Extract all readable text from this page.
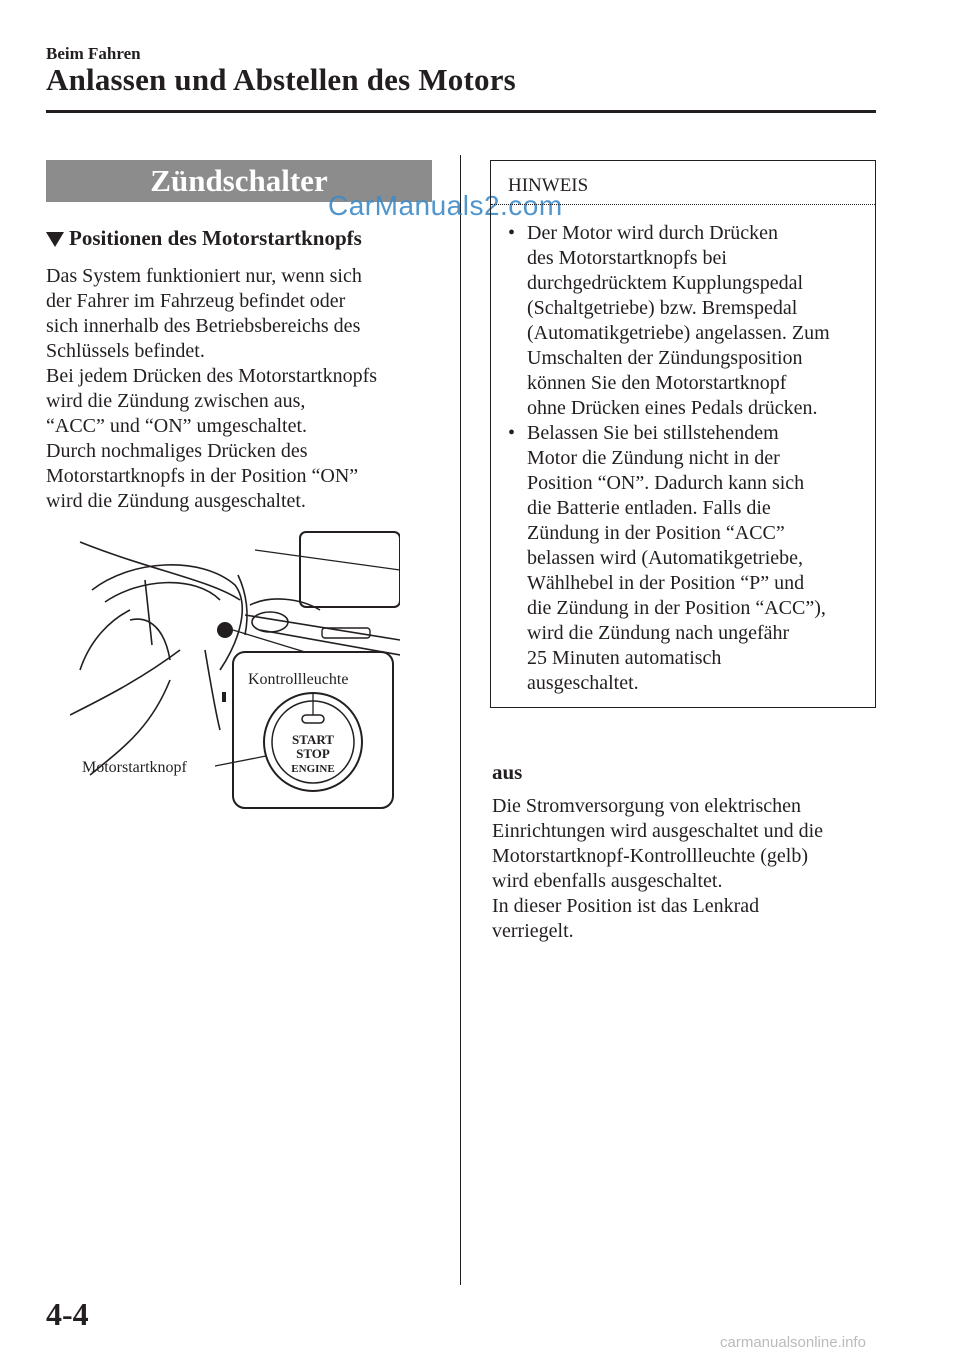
Beim Fahren
Anlassen und Abstellen des Motors
Zündschalter
CarManuals2.com
Positionen des Motorstartknopfs
Das System funktioniert nur, wenn sich
der Fahrer im Fahrzeug befindet oder
sich innerhalb des Betriebsbereichs des
Schlüssels befindet.
Bei jedem Drücken des Motorstartknopfs
wird die Zündung zwischen aus,
“ACC” und “ON” umgeschaltet.
Durch nochmaliges Drücken des
Motorstartknopfs in der Position “ON”
wird die Zündung ausgeschaltet.
START
STOP
ENGINE
Kontrollleuchte
Motorstartknopf
HINWEIS
• Der Motor wird durch Drücken
des Motorstartknopfs bei
durchgedrücktem Kupplungspedal
(Schaltgetriebe) bzw. Bremspedal
(Automatikgetriebe) angelassen. Zum
Umschalten der Zündungsposition
können Sie den Motorstartknopf
ohne Drücken eines Pedals drücken.
• Belassen Sie bei stillstehendem
Motor die Zündung nicht in der
Position “ON”. Dadurch kann sich
die Batterie entladen. Falls die
Zündung in der Position “ACC”
belassen wird (Automatikgetriebe,
Wählhebel in der Position “P” und
die Zündung in der Position “ACC”),
wird die Zündung nach ungefähr
25 Minuten automatisch
ausgeschaltet.
aus
Die Stromversorgung von elektrischen
Einrichtungen wird ausgeschaltet und die
Motorstartknopf-Kontrollleuchte (gelb)
wird ebenfalls ausgeschaltet.
In dieser Position ist das Lenkrad
verriegelt.
4-4
carmanualsonline.info
